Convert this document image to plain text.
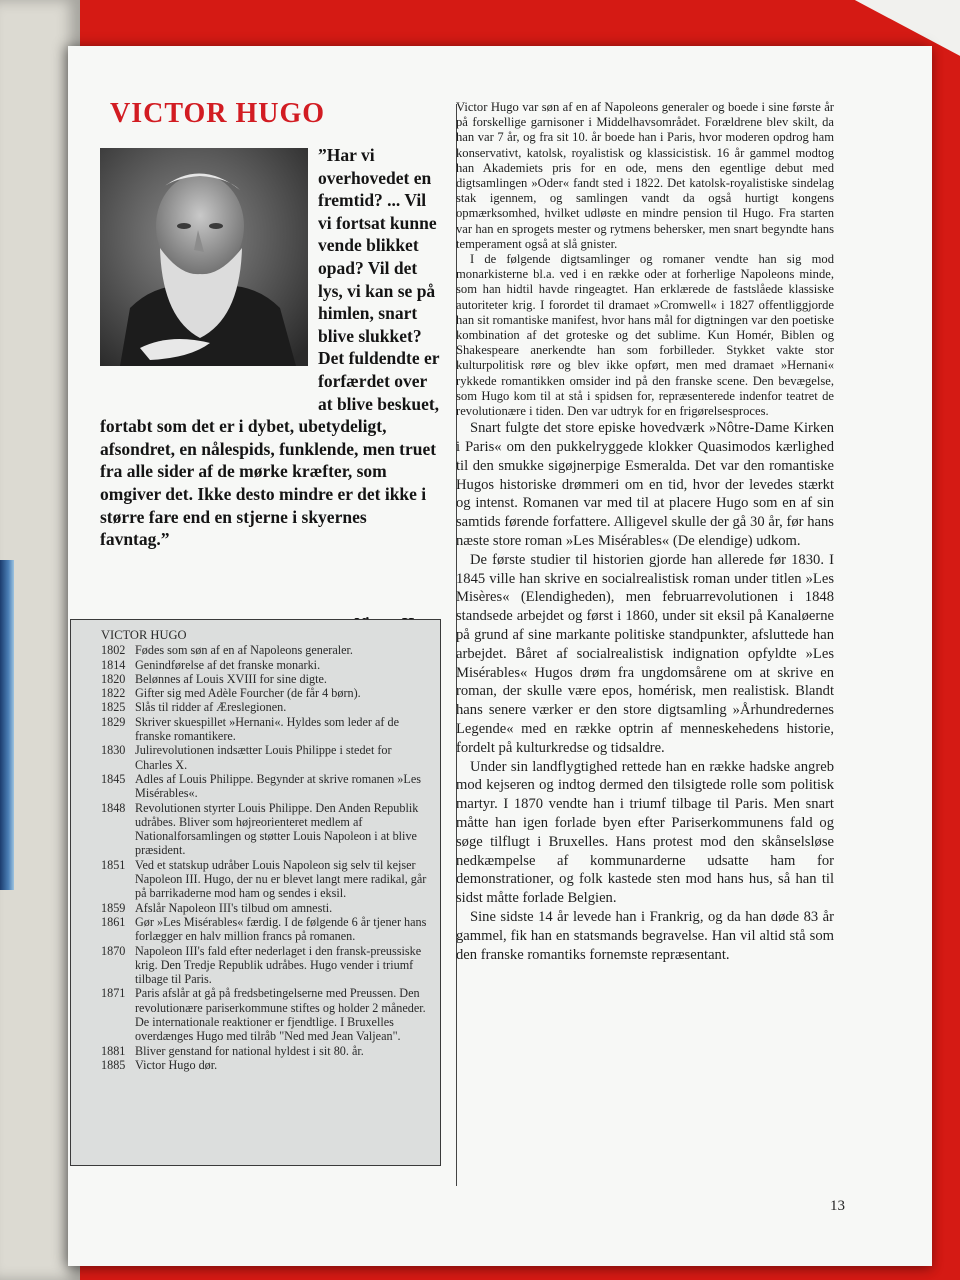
VICTOR HUGO

”Har vi overhovedet en fremtid? ... Vil vi fortsat kunne vende blikket opad? Vil det lys, vi kan se på himlen, snart blive slukket? Det fuldendte er forfærdet over at blive beskuet, fortabt som det er i dybet, ubetydeligt, afsondret, en nålespids, funklende, men truet fra alle sider af de mørke kræfter, som omgiver det. Ikke desto mindre er det ikke i større fare end en stjerne i skyernes favntag.”

VICTOR HUGO
1802 Fødes som søn af en af Napoleons generaler.
1814 Genindførelse af det franske monarki.
1820 Belønnes af Louis XVIII for sine digte.
1822 Gifter sig med Adèle Fourcher (de får 4 børn).
1825 Slås til ridder af Æreslegionen.
1829 Skriver skuespillet »Hernani«. Hyldes som leder af de franske romantikere.
1830 Julirevolutionen indsætter Louis Philippe i stedet for Charles X.
1845 Adles af Louis Philippe. Begynder at skrive romanen »Les Misérables«.
1848 Revolutionen styrter Louis Philippe. Den Anden Republik udråbes. Bliver som højreorienteret medlem af Nationalforsamlingen og støtter Louis Napoleon i at blive præsident.
1851 Ved et statskup udråber Louis Napoleon sig selv til kejser Napoleon III. Hugo, der nu er blevet langt mere radikal, går på barrikaderne mod ham og sendes i eksil.
1859 Afslår Napoleon III's tilbud om amnesti.
1861 Gør »Les Misérables« færdig. I de følgende 6 år tjener hans forlægger en halv million francs på romanen.
1870 Napoleon III's fald efter nederlaget i den fransk-preussiske krig. Den Tredje Republik udråbes. Hugo vender i triumf tilbage til Paris.
1871 Paris afslår at gå på fredsbetingelserne med Preussen. Den revolutionære pariserkommune stiftes og holder 2 måneder. De internationale reaktioner er fjendtlige. I Bruxelles overdænges Hugo med tilråb "Ned med Jean Valjean".
1881 Bliver genstand for national hyldest i sit 80. år.
1885 Victor Hugo dør.

Victor Hugo var søn af en af Napoleons generaler og boede i sine første år på forskellige garnisoner i Middelhavsområdet. Forældrene blev skilt, da han var 7 år, og fra sit 10. år boede han i Paris, hvor moderen opdrog ham konservativt, katolsk, royalistisk og klassicistisk. 16 år gammel modtog han Akademiets pris for en ode, mens den egentlige debut med digtsamlingen »Oder« fandt sted i 1822. Det katolsk-royalistiske sindelag stak igennem, og samlingen vandt da også hurtigt kongens opmærksomhed, hvilket udløste en mindre pension til Hugo. Fra starten var han en sprogets mester og rytmens behersker, men snart begyndte hans temperament også at slå gnister.

I de følgende digtsamlinger og romaner vendte han sig mod monarkisterne bl.a. ved i en række oder at forherlige Napoleons minde, som han hidtil havde ringeagtet. Han erklærede de fastslåede klassiske autoriteter krig. I forordet til dramaet »Cromwell« i 1827 offentliggjorde han sit romantiske manifest, hvor hans mål for digtningen var den poetiske kombination af det groteske og det sublime. Kun Homér, Biblen og Shakespeare anerkendte han som forbilleder. Stykket vakte stor kulturpolitisk røre og blev ikke opført, men med dramaet »Hernani« rykkede romantikken omsider ind på den franske scene. Den bevægelse, som Hugo kom til at stå i spidsen for, repræsenterede indenfor teatret de revolutionære i tiden. Den var udtryk for en frigørelsesproces.

Snart fulgte det store episke hovedværk »Nôtre-Dame Kirken i Paris« om den pukkelryggede klokker Quasimodos kærlighed til den smukke sigøjnerpige Esmeralda. Det var den romantiske Hugos historiske drømmeri om en tid, hvor der levedes stærkt og intenst. Romanen var med til at placere Hugo som en af sin samtids førende forfattere. Alligevel skulle der gå 30 år, før hans næste store roman »Les Misérables« (De elendige) udkom.

De første studier til historien gjorde han allerede før 1830. I 1845 ville han skrive en socialrealistisk roman under titlen »Les Misères« (Elendigheden), men februarrevolutionen i 1848 standsede arbejdet og først i 1860, under sit eksil på Kanaløerne på grund af sine markante politiske standpunkter, afsluttede han arbejdet. Båret af socialrealistisk indignation opfyldte »Les Misérables« Hugos drøm fra ungdomsårene om at skrive en roman, der skulle være epos, homérisk, men realistisk. Blandt hans senere værker er den store digtsamling »Århundredernes Legende« med en række optrin af menneskehedens historie, fordelt på kulturkredse og tidsaldre.

Under sin landflygtighed rettede han en række hadske angreb mod kejseren og indtog dermed den tilsigtede rolle som politisk martyr. I 1870 vendte han i triumf tilbage til Paris. Men snart måtte han igen forlade byen efter Pariserkommunens fald og søge tilflugt i Bruxelles. Hans protest mod den skånselsløse nedkæmpelse af kommunarderne udsatte ham for demonstrationer, og folk kastede sten mod hans hus, så han til sidst måtte forlade Belgien.

Sine sidste 14 år levede han i Frankrig, og da han døde 83 år gammel, fik han en statsmands begravelse. Han vil altid stå som den franske romantiks fornemste repræsentant.

13
